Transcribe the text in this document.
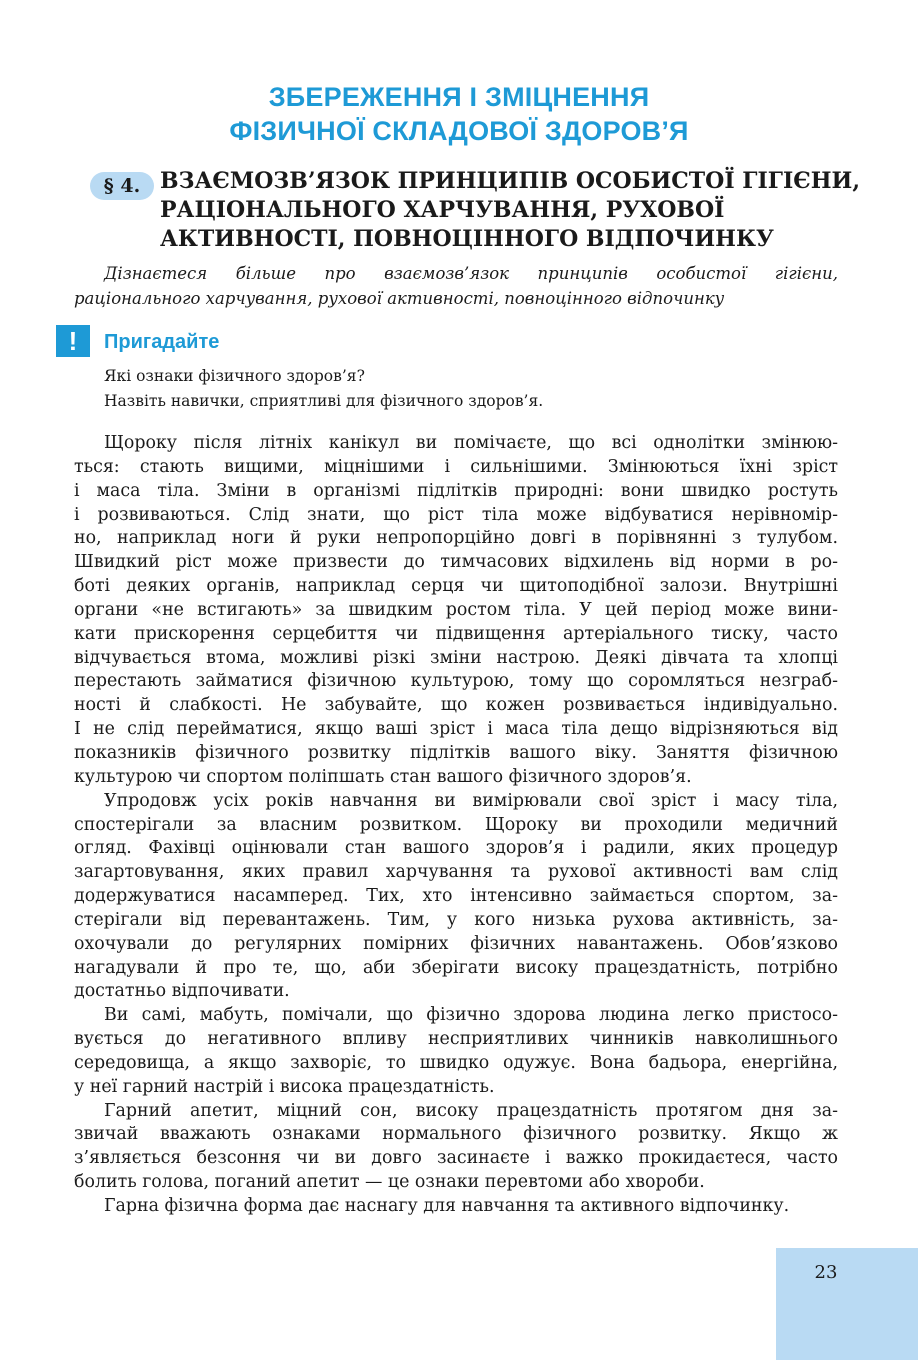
ЗБЕРЕЖЕННЯ І ЗМІЦНЕННЯ
ФІЗИЧНОЇ СКЛАДОВОЇ ЗДОРОВ’Я
§ 4. ВЗАЄМОЗВ’ЯЗОК ПРИНЦИПІВ ОСОБИСТОЇ ГІГІЄНИ,
РАЦІОНАЛЬНОГО ХАРЧУВАННЯ, РУХОВОЇ
АКТИВНОСТІ, ПОВНОЦІННОГО ВІДПОЧИНКУ
Дізнаєтеся більше про взаємозв’язок принципів особистої гігієни,
раціонального харчування, рухової активності, повноцінного відпочинку
!	Пригадайте
Які ознаки фізичного здоров’я?
Назвіть навички, сприятливі для фізичного здоров’я.
Щороку після літніх канікул ви помічаєте, що всі однолітки змінюю-
ться: стають вищими, міцнішими і сильнішими. Змінюються їхні зріст
і маса тіла. Зміни в організмі підлітків природні: вони швидко ростуть
і розвиваються. Слід знати, що ріст тіла може відбуватися нерівномір-
но, наприклад ноги й руки непропорційно довгі в порівнянні з тулубом.
Швидкий ріст може призвести до тимчасових відхилень від норми в ро-
боті деяких органів, наприклад серця чи щитоподібної залози. Внутрішні
органи «не встигають» за швидким ростом тіла. У цей період може вини-
кати прискорення серцебиття чи підвищення артеріального тиску, часто
відчувається втома, можливі різкі зміни настрою. Деякі дівчата та хлопці
перестають займатися фізичною культурою, тому що соромляться незграб-
ності й слабкості. Не забувайте, що кожен розвивається індивідуально.
І не слід перейматися, якщо ваші зріст і маса тіла дещо відрізняються від
показників фізичного розвитку підлітків вашого віку. Заняття фізичною
культурою чи спортом поліпшать стан вашого фізичного здоров’я.
Упродовж усіх років навчання ви вимірювали свої зріст і масу тіла,
спостерігали за власним розвитком. Щороку ви проходили медичний
огляд. Фахівці оцінювали стан вашого здоров’я і радили, яких процедур
загартовування, яких правил харчування та рухової активності вам слід
додержуватися насамперед. Тих, хто інтенсивно займається спортом, за-
стерігали від перевантажень. Тим, у кого низька рухова активність, за-
охочували до регулярних помірних фізичних навантажень. Обов’язково
нагадували й про те, що, аби зберігати високу працездатність, потрібно
достатньо відпочивати.
Ви самі, мабуть, помічали, що фізично здорова людина легко пристосо-
вується до негативного впливу несприятливих чинників навколишнього
середовища, а якщо захворіє, то швидко одужує. Вона бадьора, енергійна,
у неї гарний настрій і висока працездатність.
Гарний апетит, міцний сон, високу працездатність протягом дня за-
звичай вважають ознаками нормального фізичного розвитку. Якщо ж
з’являється безсоння чи ви довго засинаєте і важко прокидаєтеся, часто
болить голова, поганий апетит — це ознаки перевтоми або хвороби.
Гарна фізична форма дає наснагу для навчання та активного відпочинку.
23
